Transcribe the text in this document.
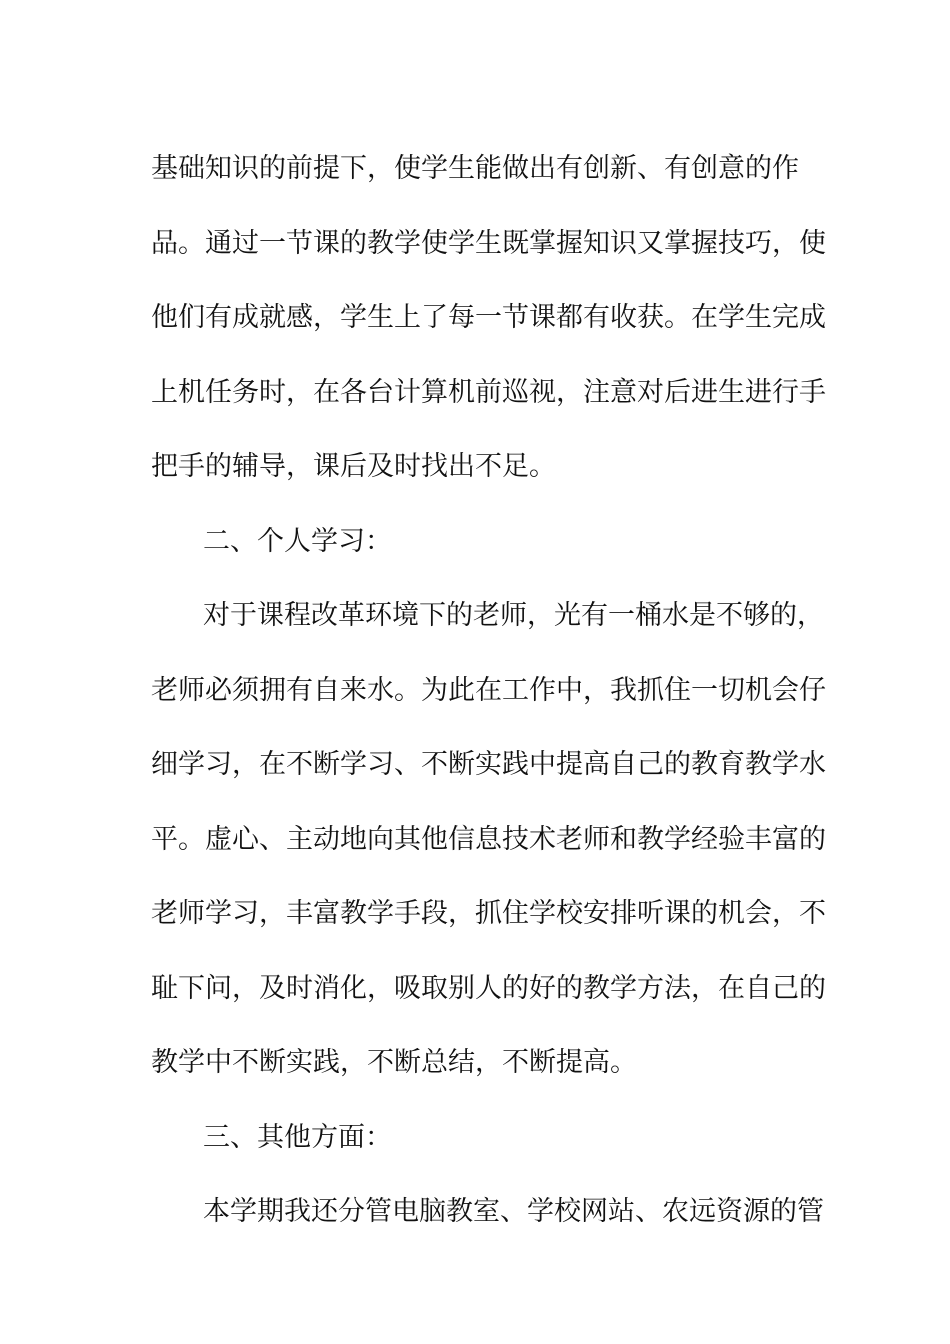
基础知识的前提下，使学生能做出有创新、有创意的作
品。通过一节课的教学使学生既掌握知识又掌握技巧，使
他们有成就感，学生上了每一节课都有收获。在学生完成
上机任务时，在各台计算机前巡视，注意对后进生进行手
把手的辅导，课后及时找出不足。
二、个人学习：
对于课程改革环境下的老师，光有一桶水是不够的，
老师必须拥有自来水。为此在工作中，我抓住一切机会仔
细学习，在不断学习、不断实践中提高自己的教育教学水
平。虚心、主动地向其他信息技术老师和教学经验丰富的
老师学习，丰富教学手段，抓住学校安排听课的机会，不
耻下问，及时消化，吸取别人的好的教学方法，在自己的
教学中不断实践，不断总结，不断提高。
三、其他方面：
本学期我还分管电脑教室、学校网站、农远资源的管
